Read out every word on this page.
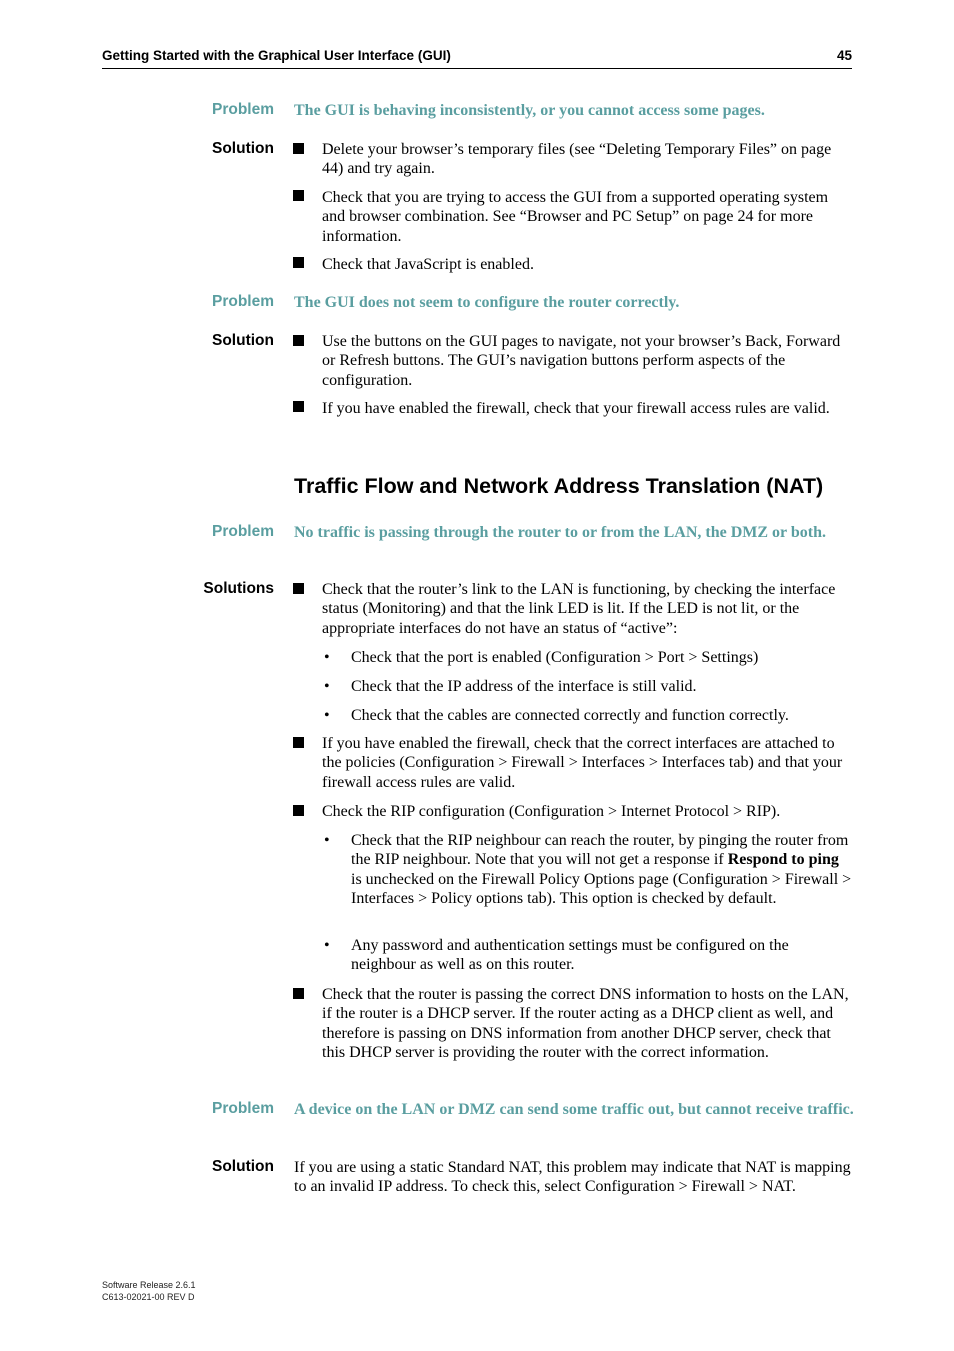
Getting Started with the Graphical User Interface (GUI)	45
Problem The GUI is behaving inconsistently, or you cannot access some pages.
Solution	Delete your browser’s temporary files (see “Deleting Temporary Files” on page 44) and try again.
Check that you are trying to access the GUI from a supported operating system and browser combination. See “Browser and PC Setup” on page 24 for more information.
Check that JavaScript is enabled.
Problem The GUI does not seem to configure the router correctly.
Solution	Use the buttons on the GUI pages to navigate, not your browser’s Back, Forward or Refresh buttons. The GUI’s navigation buttons perform aspects of the configuration.
If you have enabled the firewall, check that your firewall access rules are valid.
Traffic Flow and Network Address Translation (NAT)
Problem No traffic is passing through the router to or from the LAN, the DMZ or both.
Solutions	Check that the router’s link to the LAN is functioning, by checking the interface status (Monitoring) and that the link LED is lit. If the LED is not lit, or the appropriate interfaces do not have an status of “active”:
• Check that the port is enabled (Configuration > Port > Settings)
• Check that the IP address of the interface is still valid.
• Check that the cables are connected correctly and function correctly.
If you have enabled the firewall, check that the correct interfaces are attached to the policies (Configuration > Firewall > Interfaces > Interfaces tab) and that your firewall access rules are valid.
Check the RIP configuration (Configuration > Internet Protocol > RIP).
• Check that the RIP neighbour can reach the router, by pinging the router from the RIP neighbour. Note that you will not get a response if Respond to ping is unchecked on the Firewall Policy Options page (Configuration > Firewall > Interfaces > Policy options tab). This option is checked by default.
• Any password and authentication settings must be configured on the neighbour as well as on this router.
Check that the router is passing the correct DNS information to hosts on the LAN, if the router is a DHCP server. If the router acting as a DHCP client as well, and therefore is passing on DNS information from another DHCP server, check that this DHCP server is providing the router with the correct information.
Problem A device on the LAN or DMZ can send some traffic out, but cannot receive traffic.
Solution If you are using a static Standard NAT, this problem may indicate that NAT is mapping to an invalid IP address. To check this, select Configuration > Firewall > NAT.
Software Release 2.6.1
C613-02021-00 REV D
